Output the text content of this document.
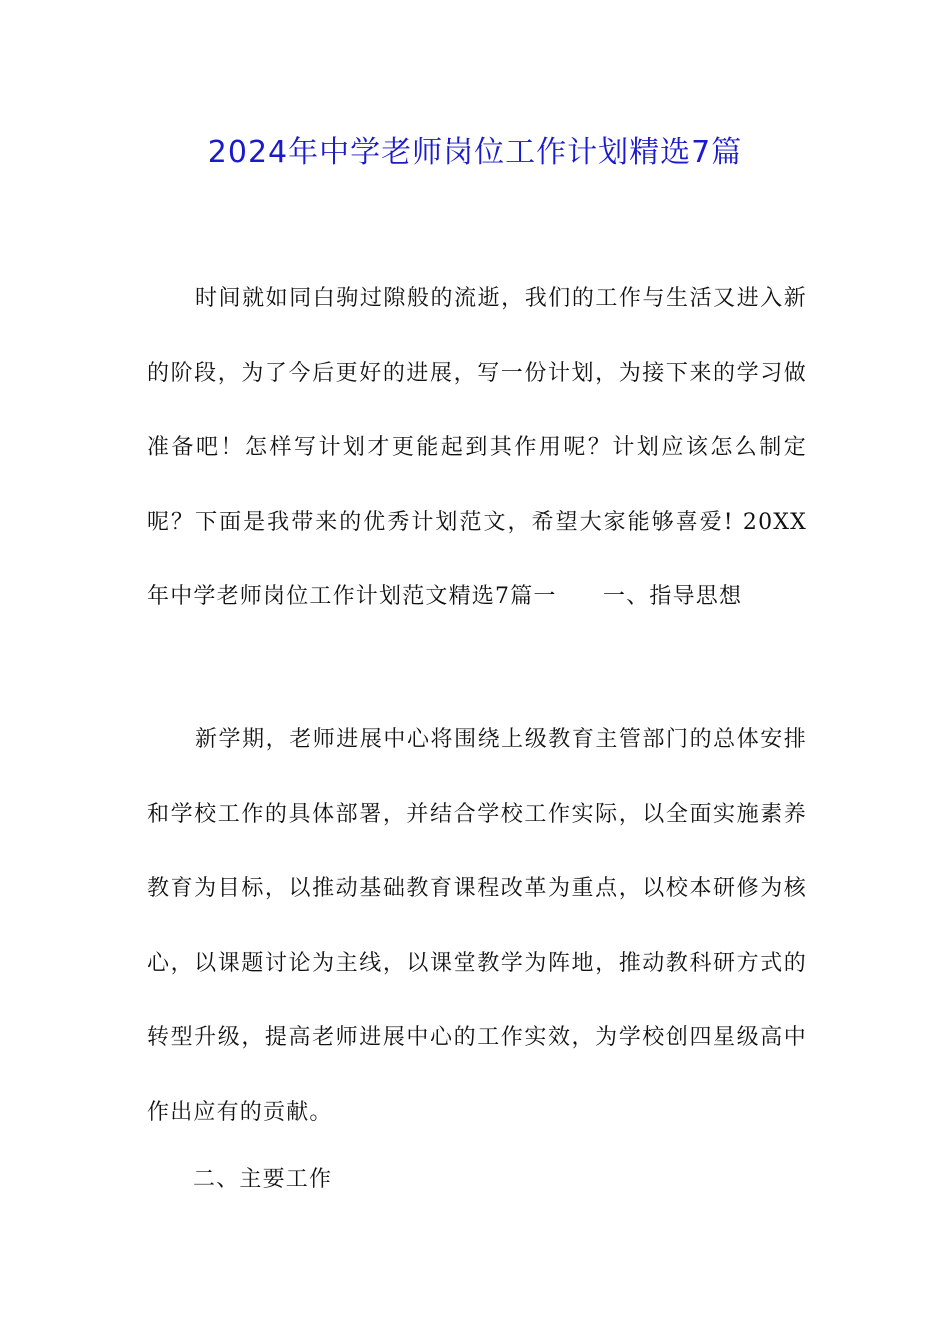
2024年中学老师岗位工作计划精选7篇
时间就如同白驹过隙般的流逝，我们的工作与生活又进入新的阶段，为了今后更好的进展，写一份计划，为接下来的学习做准备吧！怎样写计划才更能起到其作用呢？计划应该怎么制定呢？下面是我带来的优秀计划范文，希望大家能够喜爱! 20XX年中学老师岗位工作计划范文精选7篇一　　一、指导思想
新学期，老师进展中心将围绕上级教育主管部门的总体安排和学校工作的具体部署，并结合学校工作实际，以全面实施素养教育为目标，以推动基础教育课程改革为重点，以校本研修为核心，以课题讨论为主线，以课堂教学为阵地，推动教科研方式的转型升级，提高老师进展中心的工作实效，为学校创四星级高中作出应有的贡献。
二、主要工作
